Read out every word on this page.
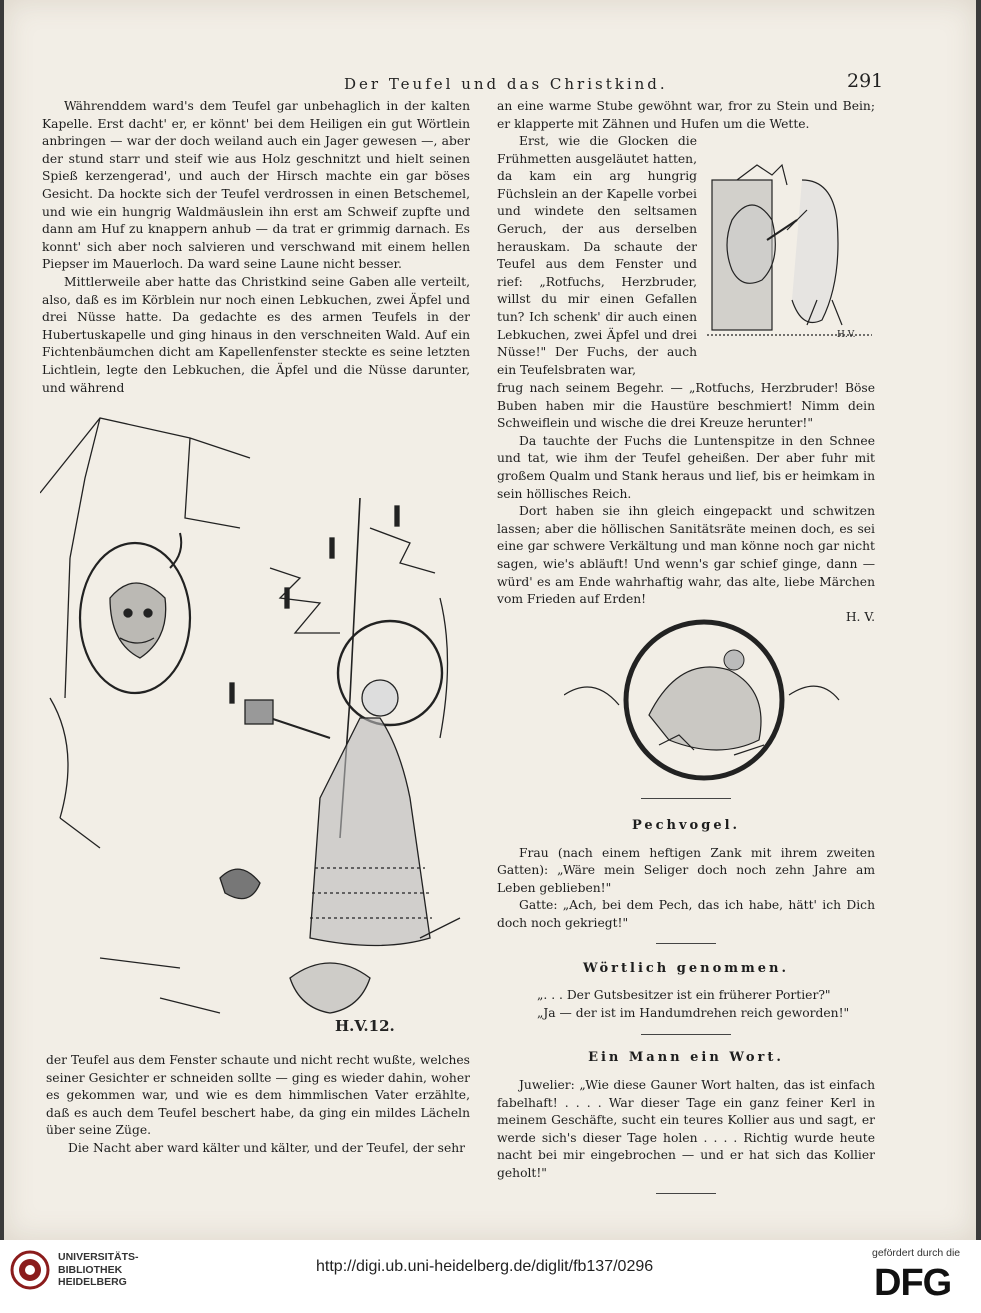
Der Teufel und das Christkind.	291

Währenddem ward's dem Teufel gar unbehaglich in der kalten Kapelle. Erst dacht' er, er könnt' bei dem Heiligen ein gut Wörtlein anbringen — war der doch weiland auch ein Jager gewesen —, aber der stund starr und steif wie aus Holz geschnitzt und hielt seinen Spieß kerzengerad', und auch der Hirsch machte ein gar böses Gesicht. Da hockte sich der Teufel verdrossen in einen Betschemel, und wie ein hungrig Waldmäuslein ihn erst am Schweif zupfte und dann am Huf zu knappern anhub — da trat er grimmig darnach. Es konnt' sich aber noch salvieren und verschwand mit einem hellen Piepser im Mauerloch. Da ward seine Laune nicht besser.

Mittlerweile aber hatte das Christkind seine Gaben alle verteilt, also, daß es im Körblein nur noch einen Lebkuchen, zwei Äpfel und drei Nüsse hatte. Da gedachte es des armen Teufels in der Hubertuskapelle und ging hinaus in den verschneiten Wald. Auf ein Fichtenbäumchen dicht am Kapellenfenster steckte es seine letzten Lichtlein, legte den Lebkuchen, die Äpfel und die Nüsse darunter, und während

H.V.12.

der Teufel aus dem Fenster schaute und nicht recht wußte, welches seiner Gesichter er schneiden sollte — ging es wieder dahin, woher es gekommen war, und wie es dem himmlischen Vater erzählte, daß es auch dem Teufel beschert habe, da ging ein mildes Lächeln über seine Züge.

Die Nacht aber ward kälter und kälter, und der Teufel, der sehr

an eine warme Stube gewöhnt war, fror zu Stein und Bein; er klapperte mit Zähnen und Hufen um die Wette.

Erst, wie die Glocken die Frühmetten ausgeläutet hatten, da kam ein arg hungrig Füchslein an der Kapelle vorbei und windete den seltsamen Geruch, der aus derselben herauskam. Da schaute der Teufel aus dem Fenster und rief: „Rotfuchs, Herzbruder, willst du mir einen Gefallen tun? Ich schenk' dir auch einen Lebkuchen, zwei Äpfel und drei Nüsse!" Der Fuchs, der auch ein Teufelsbraten war,

H.V.

frug nach seinem Begehr. — „Rotfuchs, Herzbruder! Böse Buben haben mir die Haustüre beschmiert! Nimm dein Schweiflein und wische die drei Kreuze herunter!"

Da tauchte der Fuchs die Luntenspitze in den Schnee und tat, wie ihm der Teufel geheißen. Der aber fuhr mit großem Qualm und Stank heraus und lief, bis er heimkam in sein höllisches Reich.

Dort haben sie ihn gleich eingepackt und schwitzen lassen; aber die höllischen Sanitätsräte meinen doch, es sei eine gar schwere Verkältung und man könne noch gar nicht sagen, wie's abläuft! Und wenn's gar schief ginge, dann — würd' es am Ende wahrhaftig wahr, das alte, liebe Märchen vom Frieden auf Erden!

H. V.

Pechvogel.

Frau (nach einem heftigen Zank mit ihrem zweiten Gatten): „Wäre mein Seliger doch noch zehn Jahre am Leben geblieben!"

Gatte: „Ach, bei dem Pech, das ich habe, hätt' ich Dich doch noch gekriegt!"

Wörtlich genommen.

„. . . Der Gutsbesitzer ist ein früherer Portier?"

„Ja — der ist im Handumdrehen reich geworden!"

Ein Mann ein Wort.

Juwelier: „Wie diese Gauner Wort halten, das ist einfach fabelhaft! . . . . War dieser Tage ein ganz feiner Kerl in meinem Geschäfte, sucht ein teures Kollier aus und sagt, er werde sich's dieser Tage holen . . . . Richtig wurde heute nacht bei mir eingebrochen — und er hat sich das Kollier geholt!"

UNIVERSITÄTS-
BIBLIOTHEK
HEIDELBERG
http://digi.ub.uni-heidelberg.de/diglit/fb137/0296
gefördert durch die
DFG
